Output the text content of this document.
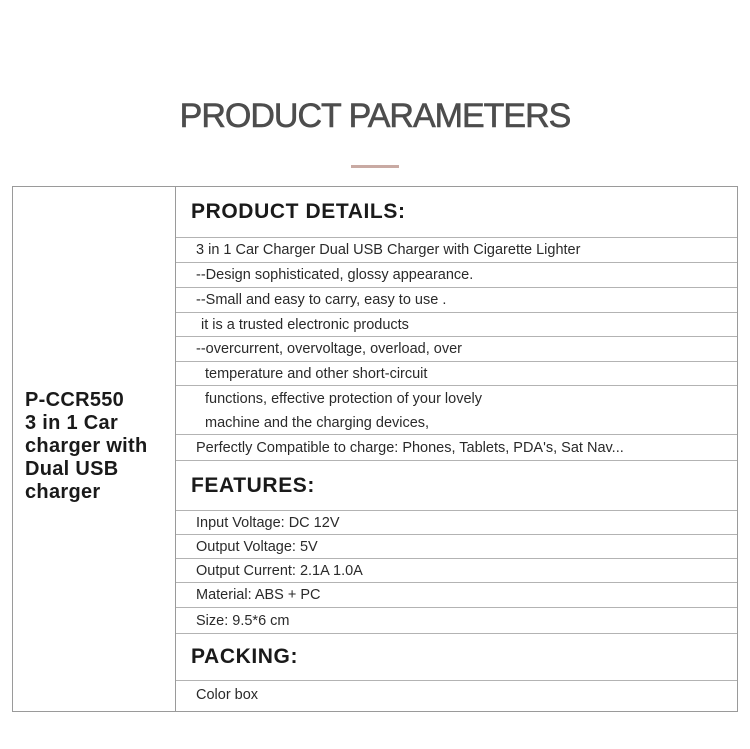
PRODUCT PARAMETERS
P-CCR550
3 in 1 Car
charger with
Dual USB
charger
PRODUCT DETAILS:
3 in 1 Car Charger Dual USB Charger with Cigarette Lighter
--Design sophisticated, glossy appearance.
--Small and easy to carry, easy to use .
it is a trusted electronic products
--overcurrent, overvoltage, overload, over
temperature and other short-circuit
functions, effective protection of your lovely
machine and the charging devices,
Perfectly Compatible to charge: Phones, Tablets, PDA's, Sat Nav...
FEATURES:
Input Voltage: DC 12V
Output Voltage: 5V
Output Current: 2.1A 1.0A
Material: ABS + PC
Size: 9.5*6 cm
PACKING:
Color box
